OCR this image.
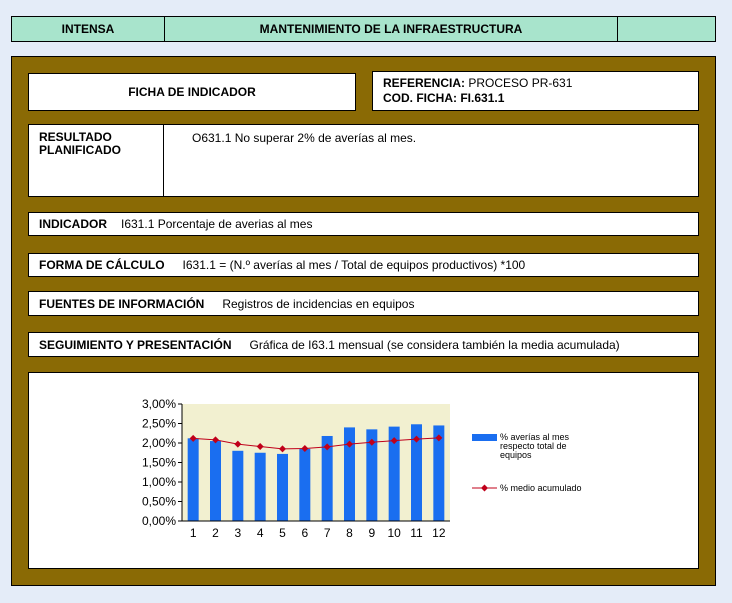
INTENSA	MANTENIMIENTO DE LA INFRAESTRUCTURA
FICHA DE INDICADOR
REFERENCIA: PROCESO PR-631
COD. FICHA: FI.631.1
RESULTADO
PLANIFICADO
O631.1 No superar 2% de averías al mes.
INDICADOR I631.1 Porcentaje de averias al mes
FORMA DE CÁLCULO I631.1 = (N.º averías al mes / Total de equipos productivos) *100
FUENTES DE INFORMACIÓN Registros de incidencias en equipos
SEGUIMIENTO Y PRESENTACIÓN Gráfica de I63.1 mensual (se considera también la media acumulada)
3,00%
2,50%
2,00%
1,50%
1,00%
0,50%
0,00%
1 2 3 4 5 6 7 8 9 10 11 12
% averías al mes
respecto total de
equipos
% medio acumulado
